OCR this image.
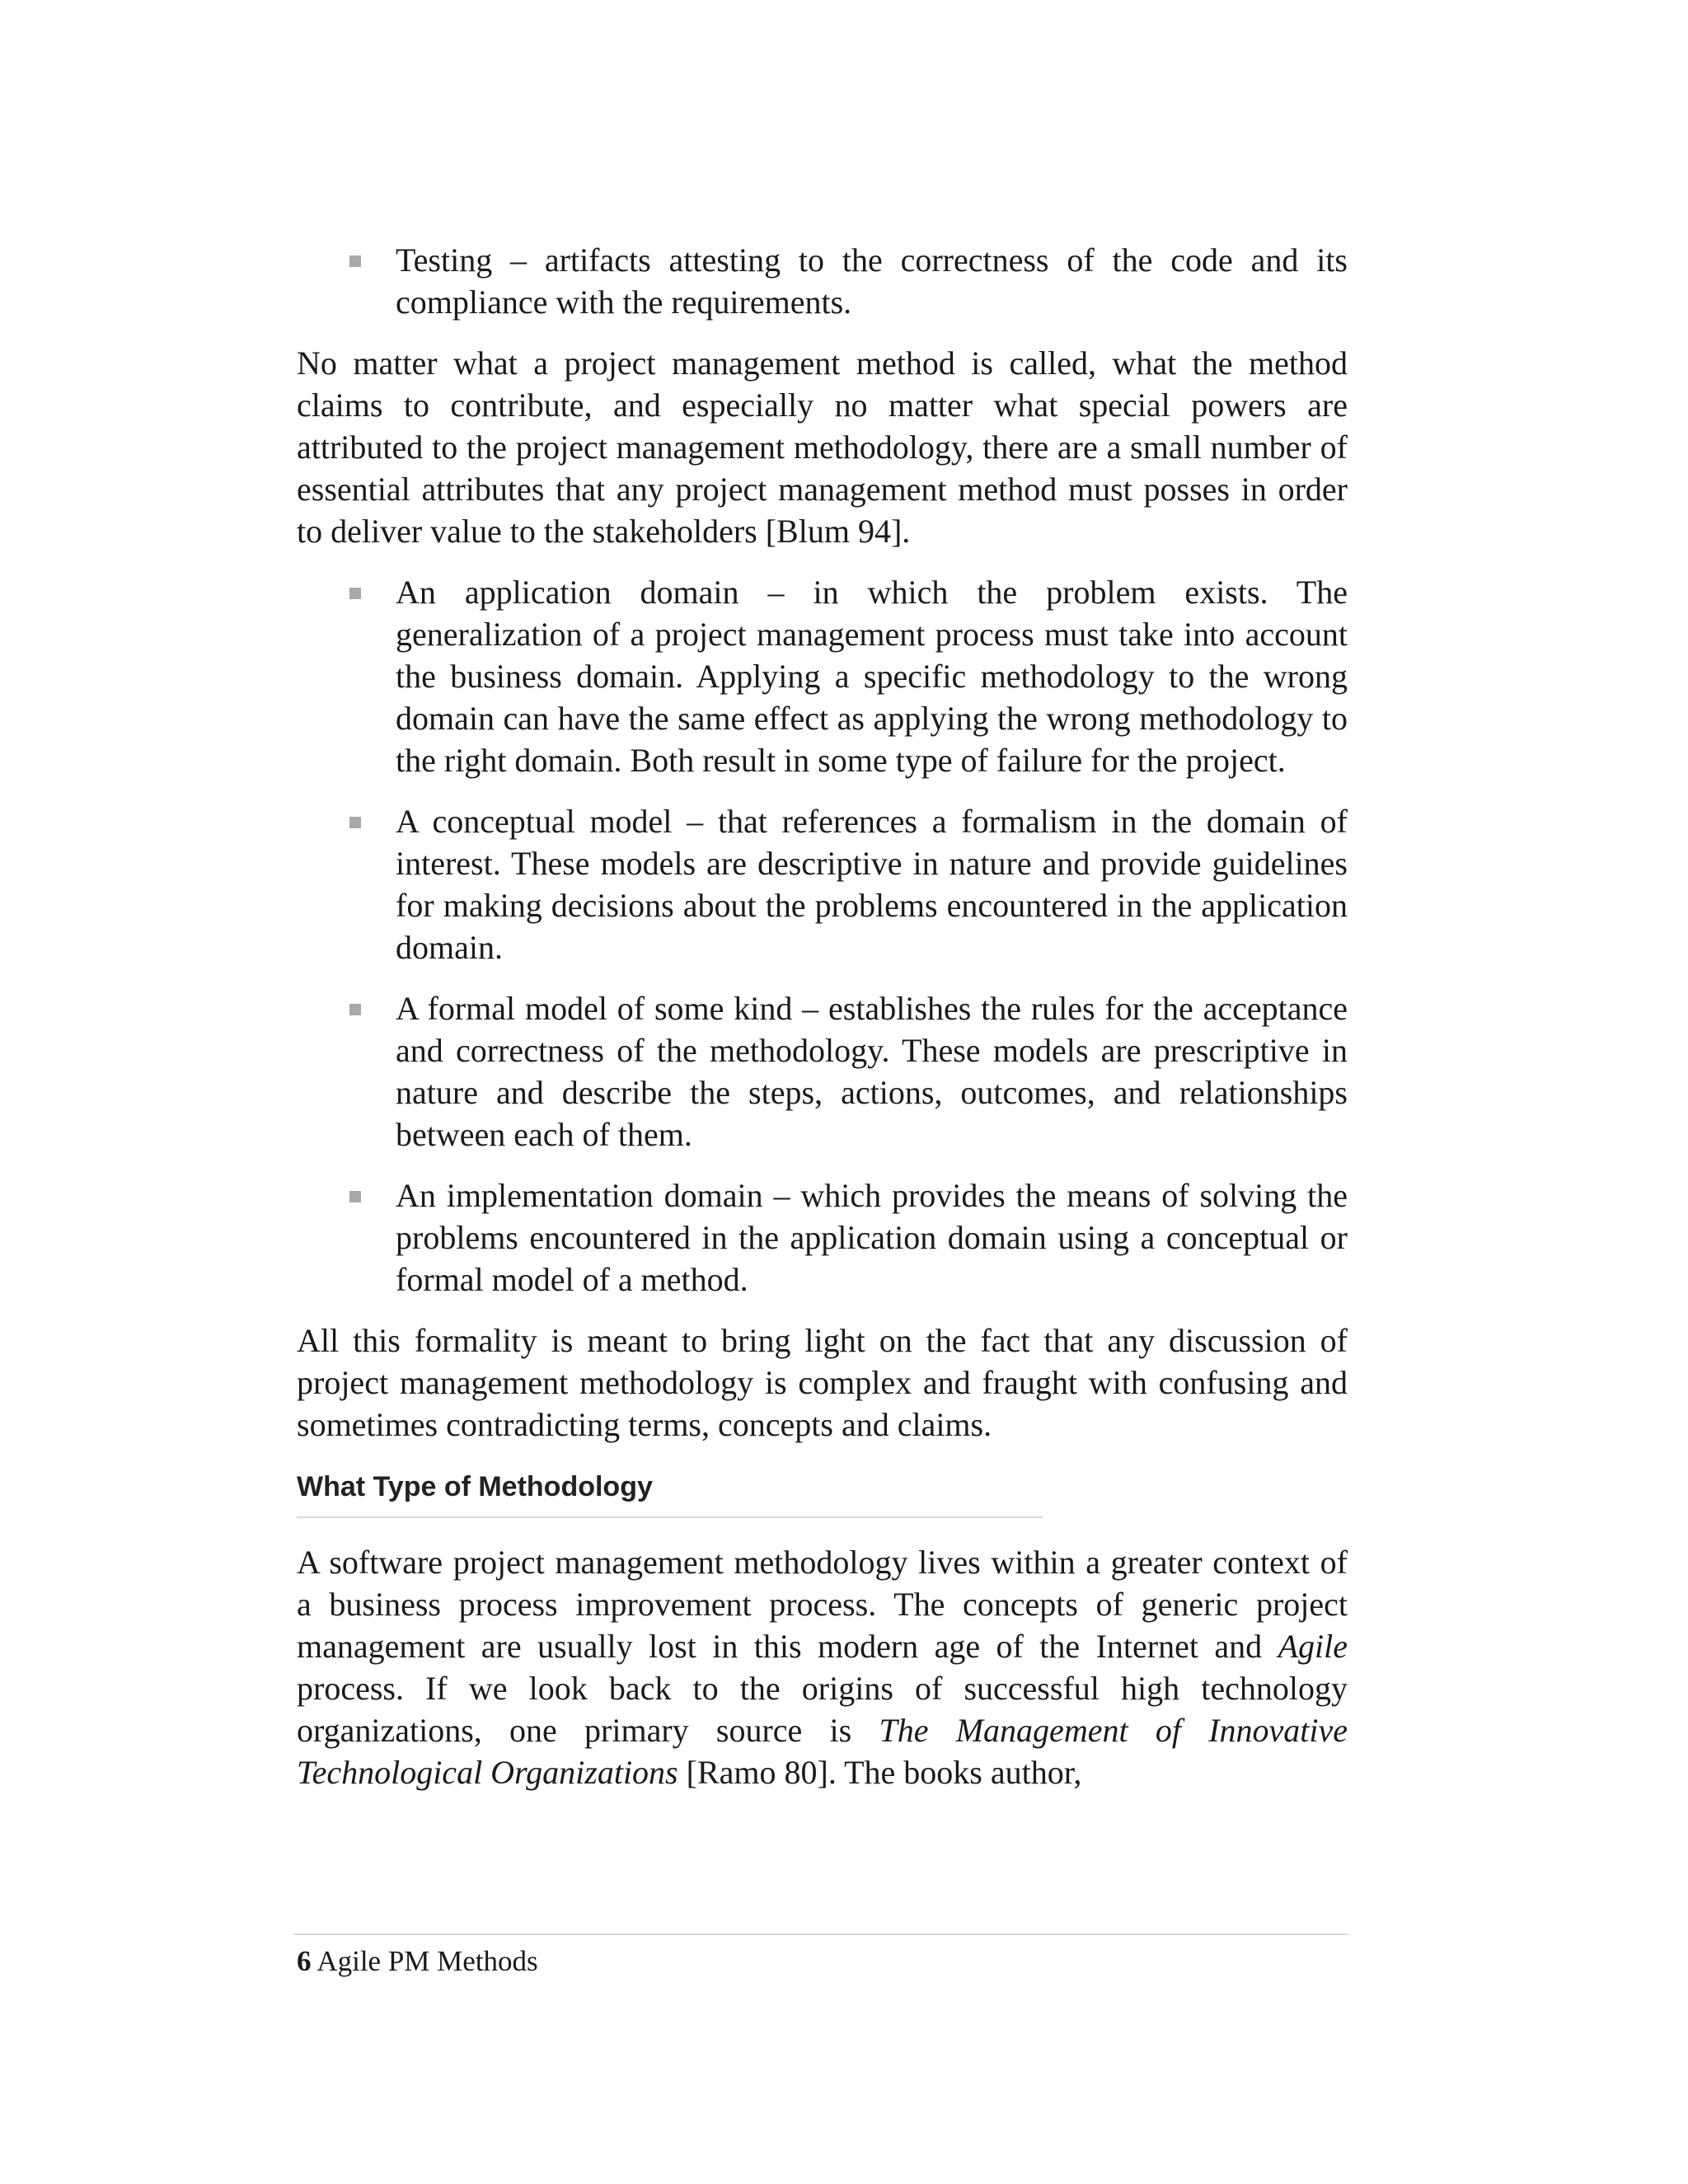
Testing – artifacts attesting to the correctness of the code and its compliance with the requirements.

No matter what a project management method is called, what the method claims to contribute, and especially no matter what special powers are attributed to the project management methodology, there are a small number of essential attributes that any project management method must posses in order to deliver value to the stakeholders [Blum 94].

An application domain – in which the problem exists. The generalization of a project management process must take into account the business domain. Applying a specific methodology to the wrong domain can have the same effect as applying the wrong methodology to the right domain. Both result in some type of failure for the project.

A conceptual model – that references a formalism in the domain of interest. These models are descriptive in nature and provide guidelines for making decisions about the problems encountered in the application domain.

A formal model of some kind – establishes the rules for the acceptance and correctness of the methodology. These models are prescriptive in nature and describe the steps, actions, outcomes, and relationships between each of them.

An implementation domain – which provides the means of solving the problems encountered in the application domain using a conceptual or formal model of a method.

All this formality is meant to bring light on the fact that any discussion of project management methodology is complex and fraught with confusing and sometimes contradicting terms, concepts and claims.

What Type of Methodology

A software project management methodology lives within a greater context of a business process improvement process. The concepts of generic project management are usually lost in this modern age of the Internet and Agile process. If we look back to the origins of successful high technology organizations, one primary source is The Management of Innovative Technological Organizations [Ramo 80]. The books author,

6 Agile PM Methods
